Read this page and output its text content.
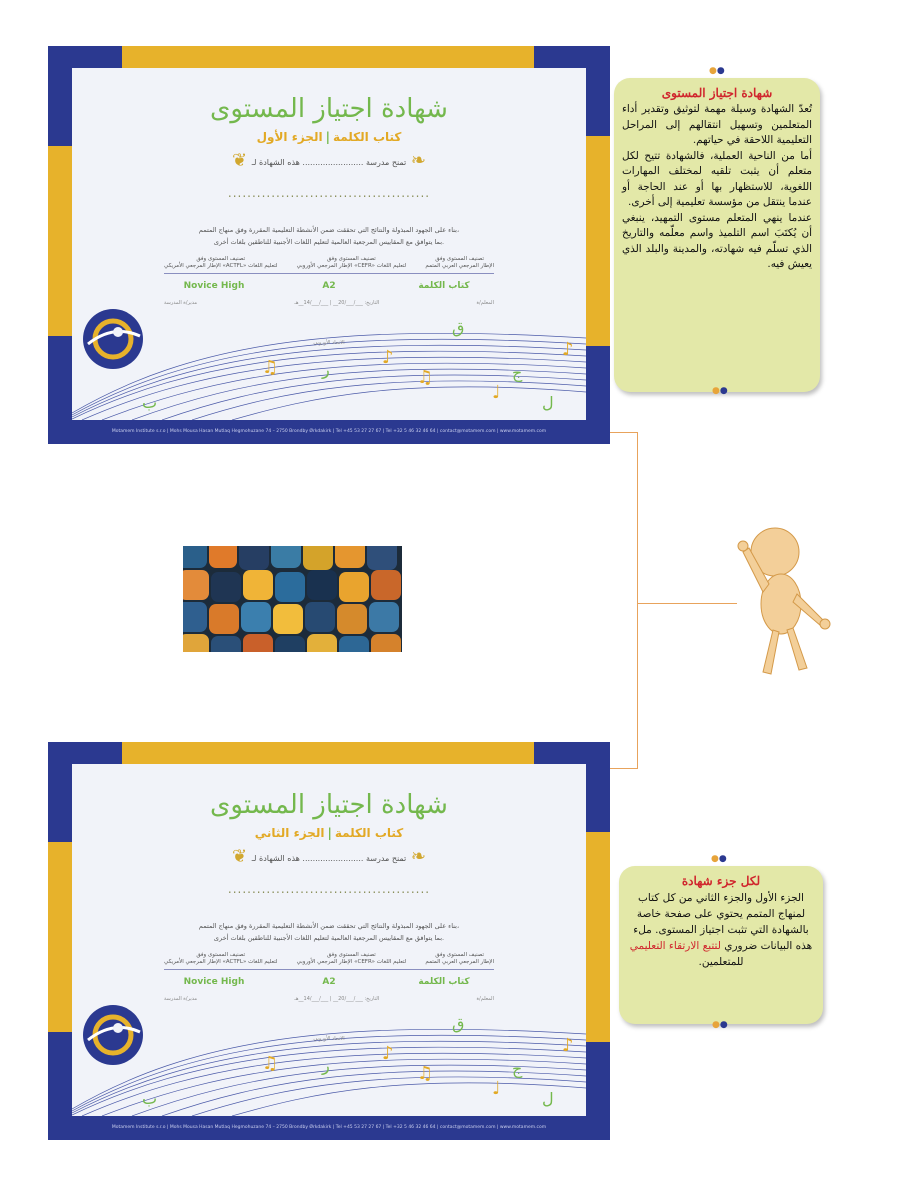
♪
♫
♫
♪
♩
ق
ج
ب
ر
ل
شهادة اجتياز المستوى
كتاب الكلمة|الجزء الأول
❦	❧
تمنح مدرسة ........................ هذه الشهادة لـ
..........................................
بناء على الجهود المبذولة والنتائج التي تحققت ضمن الأنشطة التعليمية المقررة وفق منهاج المتمم،
بما يتوافق مع المقاييس المرجعية العالمية لتعليم اللغات الأجنبية للناطقين بلغات أخرى.
تصنيف المستوى وفق
الإطار المرجعي الأمريكي «ACTFL» لتعليم اللغات
تصنيف المستوى وفق
الإطار المرجعي الأوروبي «CEFR» لتعليم اللغات
تصنيف المستوى وفق
الإطار المرجعي العربي المتمم
Novice High	A2	كتاب الكلمة
مدير/ة المدرسة	التاريخ: ___/___/20__ | ___/___/14__هـ	المعلم/ة
الاتحاد الأوروبي
Motamem Institute s.r.o | Mohs Mousa Hasan Mutlaq Hegmohuzane 74 – 2750 Brondby Ørkdakirk | Tel +45 53 27 27 67 | Tel +32 5 46 32 46 64 | contact@motamem.com | www.motamem.com
♪
♫
♫
♪
♩
ق
ج
ب
ر
ل
شهادة اجتياز المستوى
كتاب الكلمة|الجزء الثاني
❦	❧
تمنح مدرسة ........................ هذه الشهادة لـ
..........................................
بناء على الجهود المبذولة والنتائج التي تحققت ضمن الأنشطة التعليمية المقررة وفق منهاج المتمم،
بما يتوافق مع المقاييس المرجعية العالمية لتعليم اللغات الأجنبية للناطقين بلغات أخرى.
تصنيف المستوى وفق
الإطار المرجعي الأمريكي «ACTFL» لتعليم اللغات
تصنيف المستوى وفق
الإطار المرجعي الأوروبي «CEFR» لتعليم اللغات
تصنيف المستوى وفق
الإطار المرجعي العربي المتمم
Novice High	A2	كتاب الكلمة
مدير/ة المدرسة	التاريخ: ___/___/20__ | ___/___/14__هـ	المعلم/ة
الاتحاد الأوروبي
Motamem Institute s.r.o | Mohs Mousa Hasan Mutlaq Hegmohuzane 74 – 2750 Brondby Ørkdakirk | Tel +45 53 27 27 67 | Tel +32 5 46 32 46 64 | contact@motamem.com | www.motamem.com
●●
شهادة اجتياز المستوى

تُعدّ الشهادة وسيلة مهمة لتوثيق وتقدير أداء المتعلمين وتسهيل انتقالهم إلى المراحل التعليمية اللاحقة في حياتهم.

أما من الناحية العملية، فالشهادة تتيح لكل متعلم أن يثبت تلقيه لمختلف المهارات اللغوية، للاستظهار بها أو عند الحاجة أو عندما ينتقل من مؤسسة تعليمية إلى أخرى.

عندما ينهي المتعلم مستوى التمهيد، ينبغي أن يُكتَبَ اسم التلميذ واسم معلّمه والتاريخ الذي تسلّم فيه شهادته، والمدينة والبلد الذي يعيش فيه.

●●
●●
لكل جزء شهادة

الجزء الأول والجزء الثاني من كل كتاب لمنهاج المتمم يحتوي على صفحة خاصة بالشهادة التي تثبت اجتياز المستوى. ملء هذه البيانات ضروري لتتبع الارتقاء التعليمي للمتعلمين.

●●
